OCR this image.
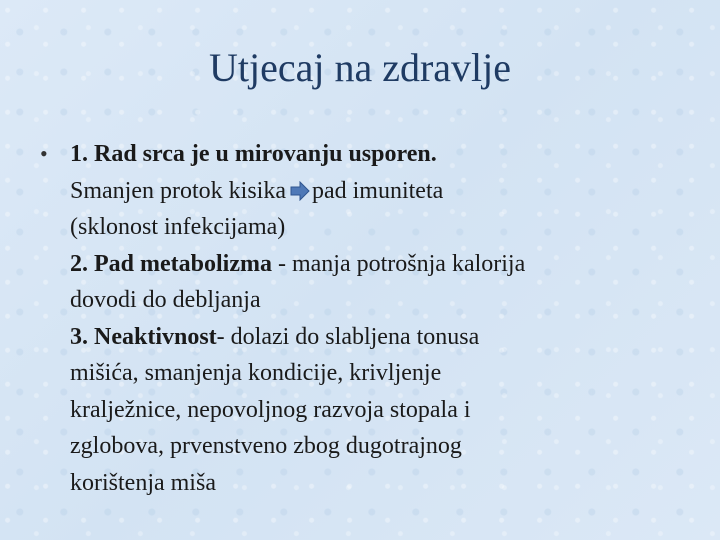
Utjecaj na zdravlje
• 1. Rad srca je u mirovanju usporen.
Smanjen protok kisika pad imuniteta
(sklonost infekcijama)
2. Pad metabolizma - manja potrošnja kalorija
dovodi do debljanja
3. Neaktivnost- dolazi do slabljena tonusa
mišića, smanjenja kondicije, krivljenje
kralježnice, nepovoljnog razvoja stopala i
zglobova, prvenstveno zbog dugotrajnog
korištenja miša
